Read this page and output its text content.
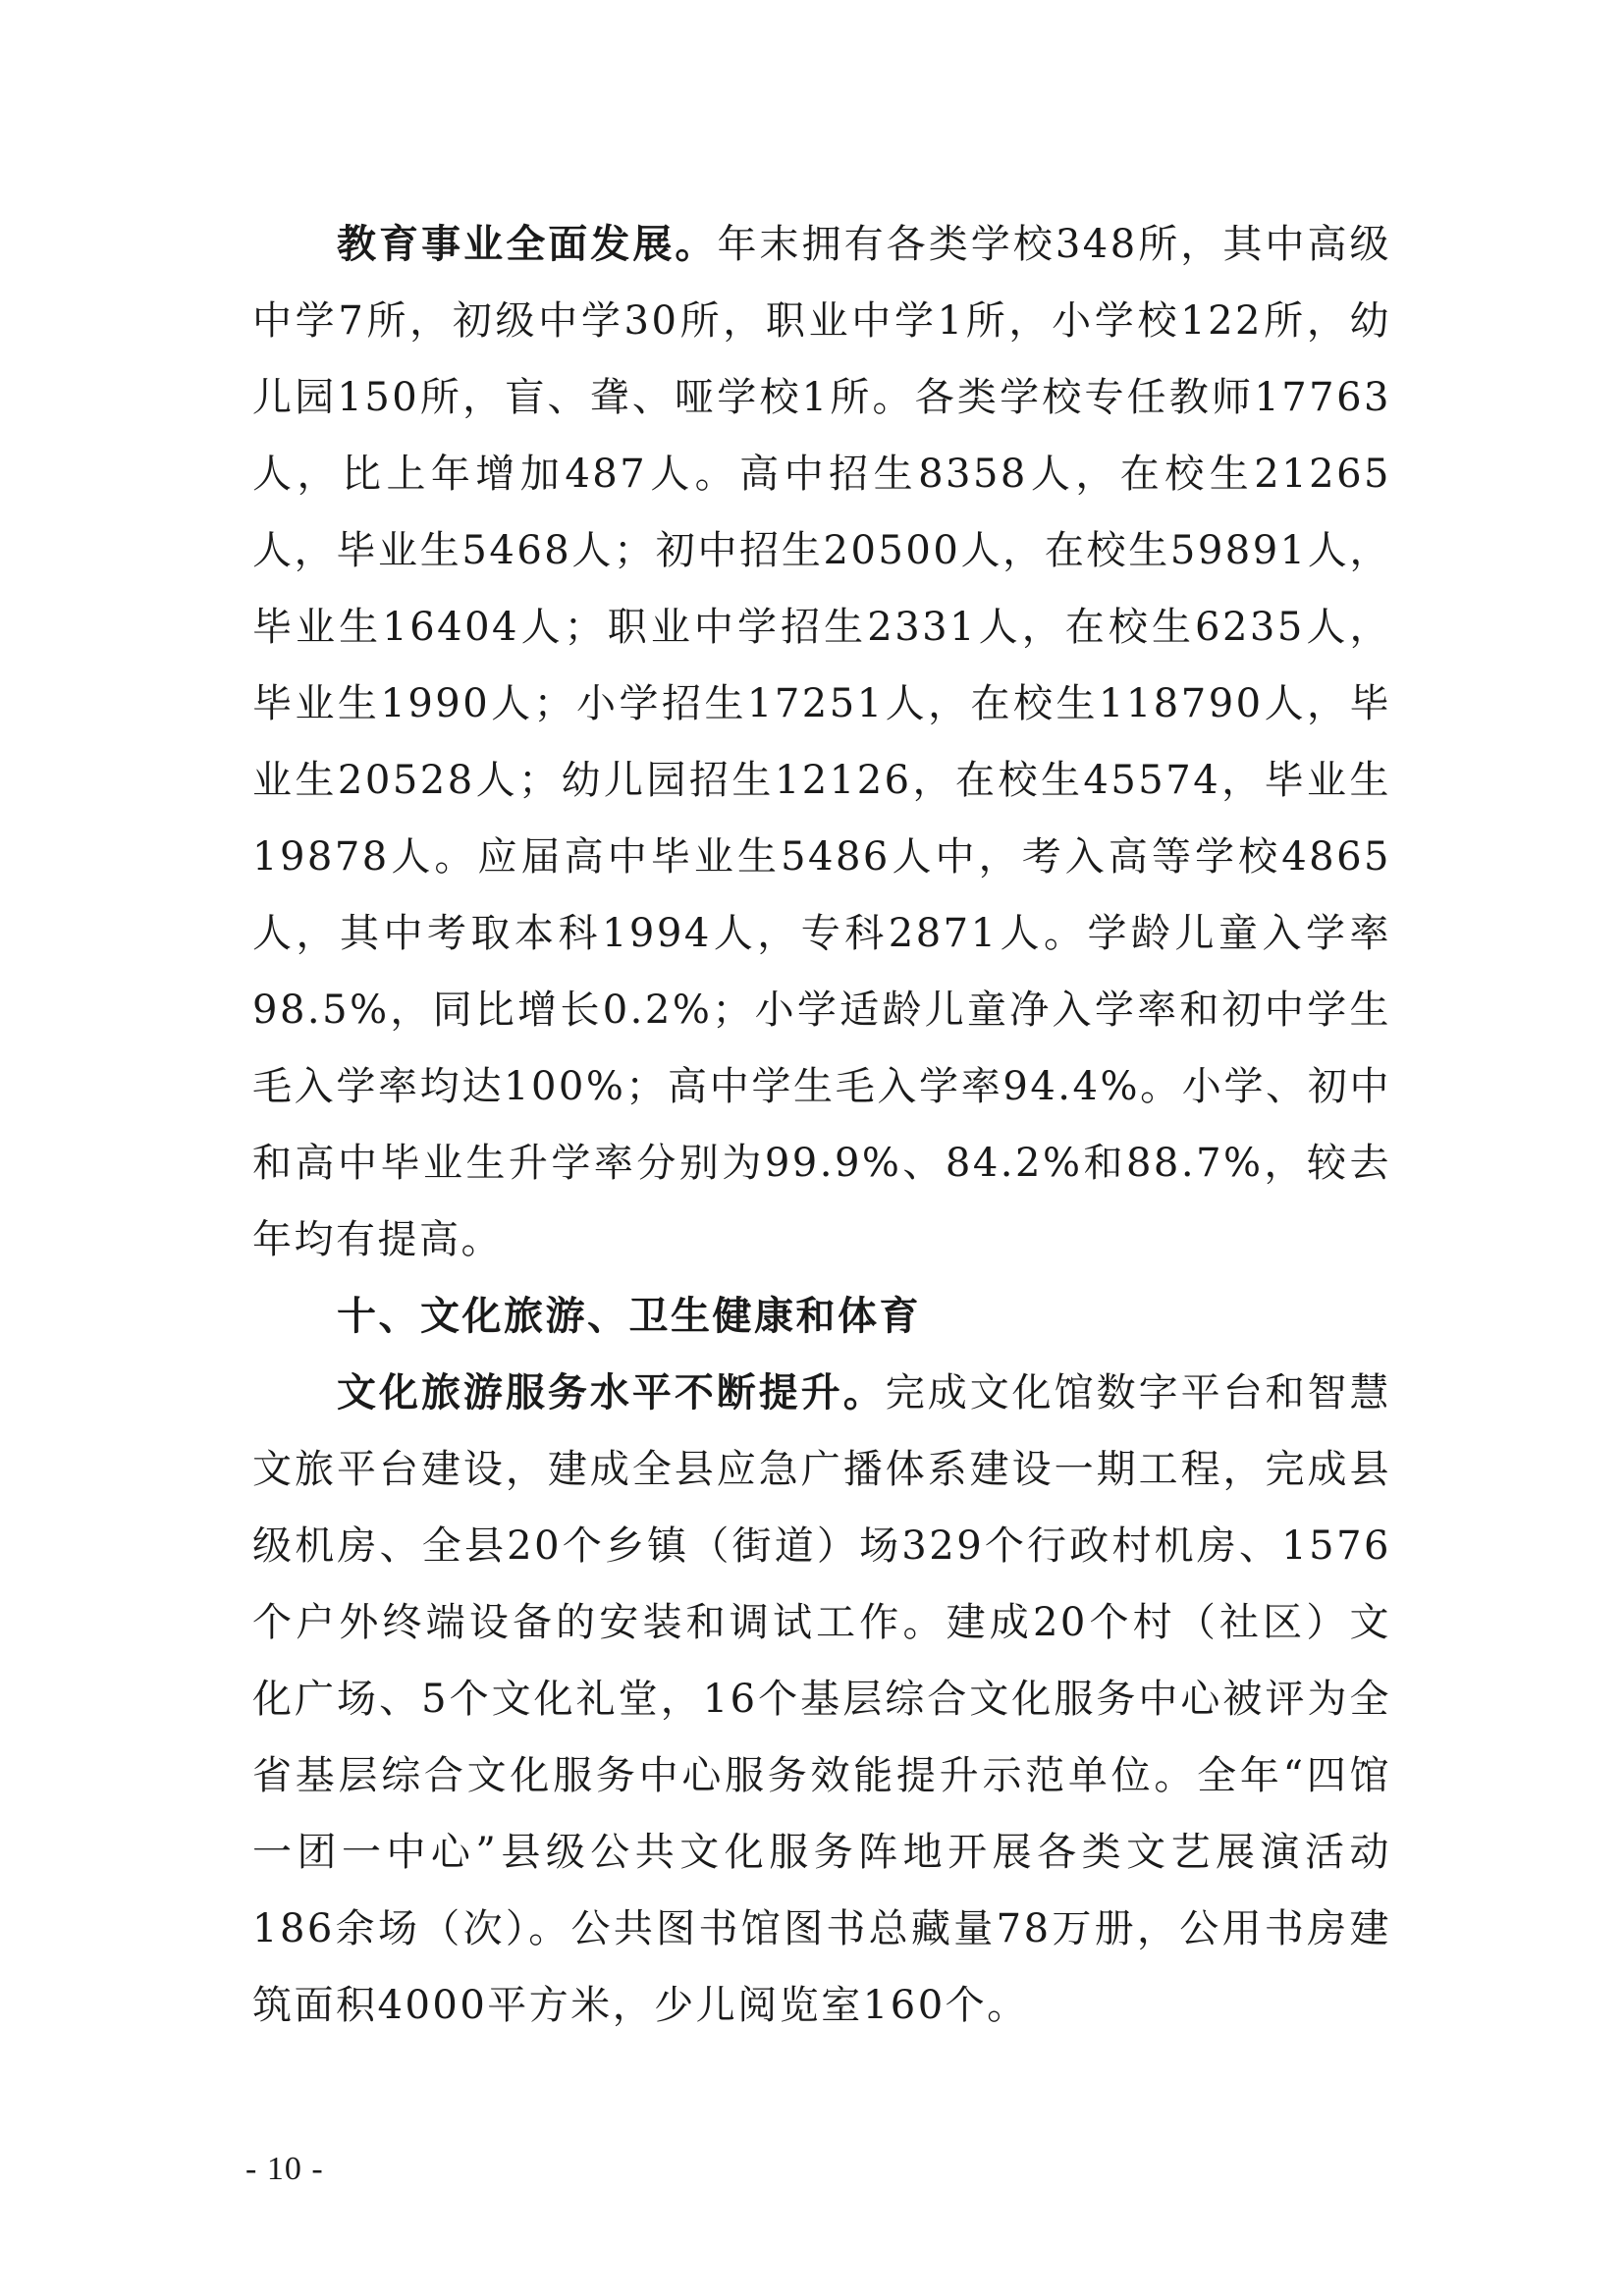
教育事业全面发展。年末拥有各类学校348所，其中高级中学7所，初级中学30所，职业中学1所，小学校122所，幼儿园150所，盲、聋、哑学校1所。各类学校专任教师17763人，比上年增加487人。高中招生8358人，在校生21265人，毕业生5468人；初中招生20500人，在校生59891人，毕业生16404人；职业中学招生2331人，在校生6235人，毕业生1990人；小学招生17251人，在校生118790人，毕业生20528人；幼儿园招生12126，在校生45574，毕业生19878人。应届高中毕业生5486人中，考入高等学校4865人，其中考取本科1994人，专科2871人。学龄儿童入学率98.5%，同比增长0.2%；小学适龄儿童净入学率和初中学生毛入学率均达100%；高中学生毛入学率94.4%。小学、初中和高中毕业生升学率分别为99.9%、84.2%和88.7%，较去年均有提高。

十、文化旅游、卫生健康和体育

文化旅游服务水平不断提升。完成文化馆数字平台和智慧文旅平台建设，建成全县应急广播体系建设一期工程，完成县级机房、全县20个乡镇（街道）场329个行政村机房、1576个户外终端设备的安装和调试工作。建成20个村（社区）文化广场、5个文化礼堂，16个基层综合文化服务中心被评为全省基层综合文化服务中心服务效能提升示范单位。全年“四馆一团一中心”县级公共文化服务阵地开展各类文艺展演活动186余场（次）。公共图书馆图书总藏量78万册，公用书房建筑面积4000平方米，少儿阅览室160个。

- 10 -
